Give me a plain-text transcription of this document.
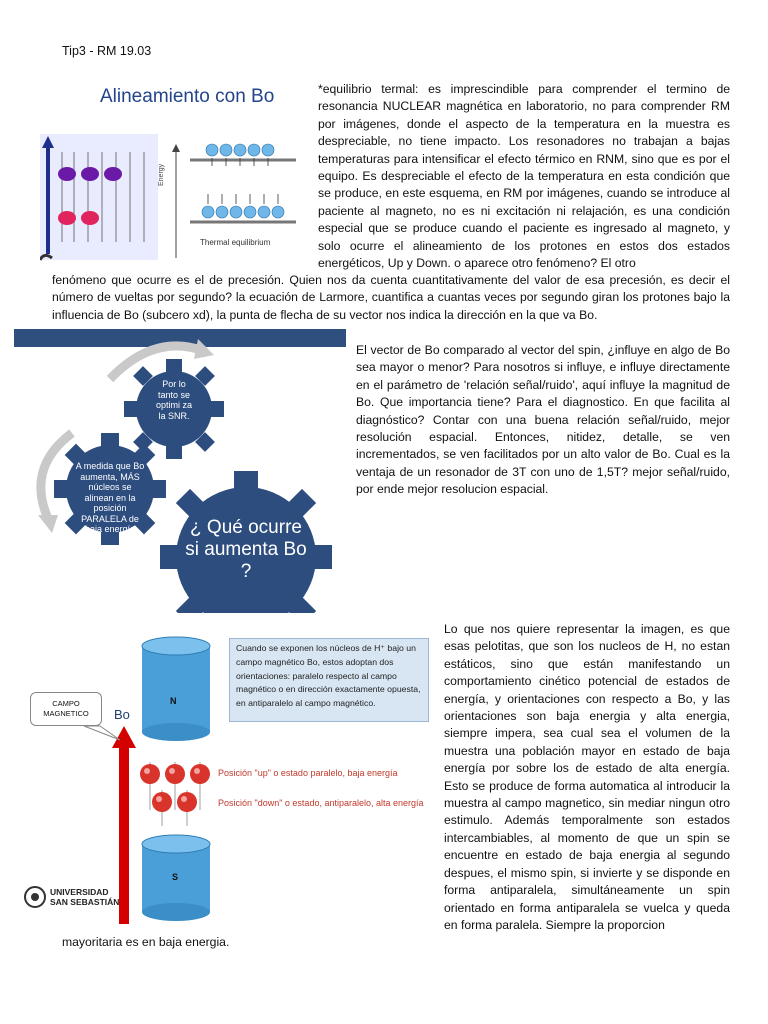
Tip3 - RM 19.03
Alineamiento con Bo
Energy
Thermal equilibrium
*equilibrio termal: es imprescindible para comprender el termino de resonancia NUCLEAR magnética en laboratorio, no para comprender RM por imágenes, donde el aspecto de la temperatura en la muestra es despreciable, no tiene impacto. Los resonadores no trabajan a bajas temperaturas para intensificar el efecto térmico en RNM, sino que es por el equipo. Es despreciable el efecto de la temperatura en esta condición que se produce, en este esquema, en RM por imágenes, cuando se introduce al paciente al magneto, no es ni excitación ni relajación, es una condición especial que se produce cuando el paciente es ingresado al magneto, y solo ocurre el alineamiento de los protones en estos dos estados energéticos, Up y Down. o aparece otro fenómeno? El otro
fenómeno que ocurre es el de precesión. Quien nos da cuenta cuantitativamente del valor de esa precesión, es decir el número de vueltas por segundo? la ecuación de Larmore, cuantifica a cuantas veces por segundo giran los protones bajo la influencia de Bo (subcero xd), la punta de flecha de su vector nos indica la dirección en la que va Bo.
Por lo tanto se optimi za la SNR.
A medida que Bo aumenta, MÁS núcleos se alinean en la posición PARALELA de baja energía	¿ Qué ocurre si aumenta Bo ?
El vector de Bo comparado al vector del spin, ¿influye en algo de Bo sea mayor o menor? Para nosotros si influye, e influye directamente en el parámetro de 'relación señal/ruido', aquí influye la magnitud de Bo. Que importancia tiene? Para el diagnostico. En que facilita al diagnóstico? Contar con una buena relación señal/ruido, mejor resolución espacial. Entonces, nitidez, detalle, se ven incrementados, se ven facilitados por un alto valor de Bo. Cual es la ventaja de un resonador de 3T con uno de 1,5T? mejor señal/ruido, por ende mejor resolucion espacial.
Cuando se exponen los núcleos de H⁺ bajo un campo magnético Bo, estos adoptan dos orientaciones: paralelo respecto al campo magnético o en dirección exactamente opuesta, en antiparalelo al campo magnético.
CAMPO MAGNETICO	Bo
N
S
Posición "up" o estado paralelo, baja energía
Posición "down" o estado, antiparalelo, alta energía
UNIVERSIDAD
SAN SEBASTIÁN
Lo que nos quiere representar la imagen, es que esas pelotitas, que son los nucleos de H, no estan estáticos, sino que están manifestando un comportamiento cinético potencial de estados de energía, y orientaciones con respecto a Bo, y las orientaciones son baja energia y alta energia, siempre impera, sea cual sea el volumen de la muestra una población mayor en estado de baja energía por sobre los de estado de alta energía. Esto se produce de forma automatica al introducir la muestra al campo magnetico, sin mediar ningun otro estimulo. Además temporalmente son estados intercambiables, al momento de que un spin se encuentre en estado de baja energia al segundo despues, el mismo spin, si invierte y se disponde en forma antiparalela, simultáneamente un spin orientado en forma antiparalela se vuelca y queda en forma paralela. Siempre la proporcion
mayoritaria es en baja energia.
